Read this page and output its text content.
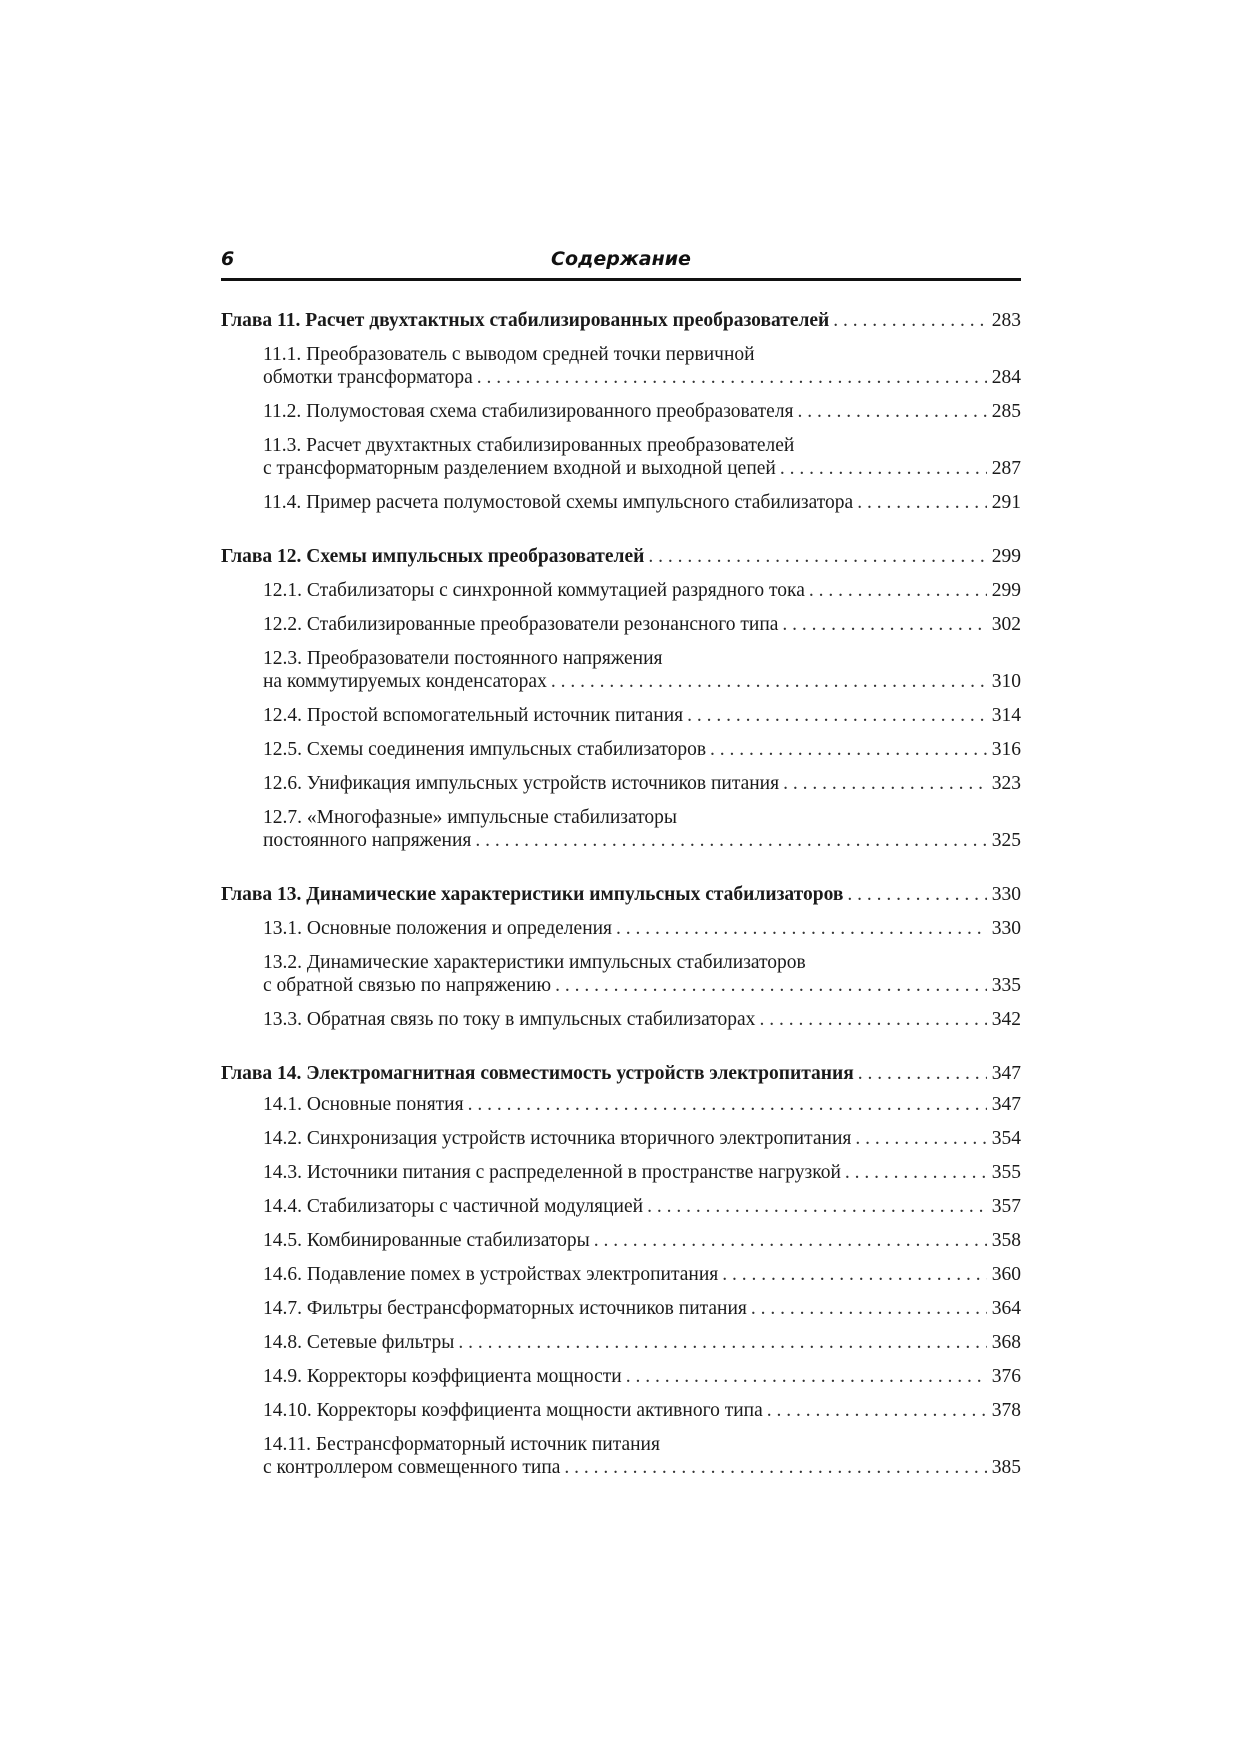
6	Содержание
Глава 11. Расчет двухтактных стабилизированных преобразователей . . .	283
11.1. Преобразователь с выводом средней точки первичной
обмотки трансформатора . . .	284
11.2. Полумостовая схема стабилизированного преобразователя . . .	285
11.3. Расчет двухтактных стабилизированных преобразователей
с трансформаторным разделением входной и выходной цепей . . .	287
11.4. Пример расчета полумостовой схемы импульсного стабилизатора . . .	291
Глава 12. Схемы импульсных преобразователей . . .	299
12.1. Стабилизаторы с синхронной коммутацией разрядного тока . . .	299
12.2. Стабилизированные преобразователи резонансного типа . . .	302
12.3. Преобразователи постоянного напряжения
на коммутируемых конденсаторах . . .	310
12.4. Простой вспомогательный источник питания . . .	314
12.5. Схемы соединения импульсных стабилизаторов . . .	316
12.6. Унификация импульсных устройств источников питания . . .	323
12.7. «Многофазные» импульсные стабилизаторы
постоянного напряжения . . .	325
Глава 13. Динамические характеристики импульсных стабилизаторов . . .	330
13.1. Основные положения и определения . . .	330
13.2. Динамические характеристики импульсных стабилизаторов
с обратной связью по напряжению . . .	335
13.3. Обратная связь по току в импульсных стабилизаторах . . .	342
Глава 14. Электромагнитная совместимость устройств электропитания . . .	347
14.1. Основные понятия . . .	347
14.2. Синхронизация устройств источника вторичного электропитания . . .	354
14.3. Источники питания с распределенной в пространстве нагрузкой . . .	355
14.4. Стабилизаторы с частичной модуляцией . . .	357
14.5. Комбинированные стабилизаторы . . .	358
14.6. Подавление помех в устройствах электропитания . . .	360
14.7. Фильтры бестрансформаторных источников питания . . .	364
14.8. Сетевые фильтры . . .	368
14.9. Корректоры коэффициента мощности . . .	376
14.10. Корректоры коэффициента мощности активного типа . . .	378
14.11. Бестрансформаторный источник питания
с контроллером совмещенного типа . . .	385
